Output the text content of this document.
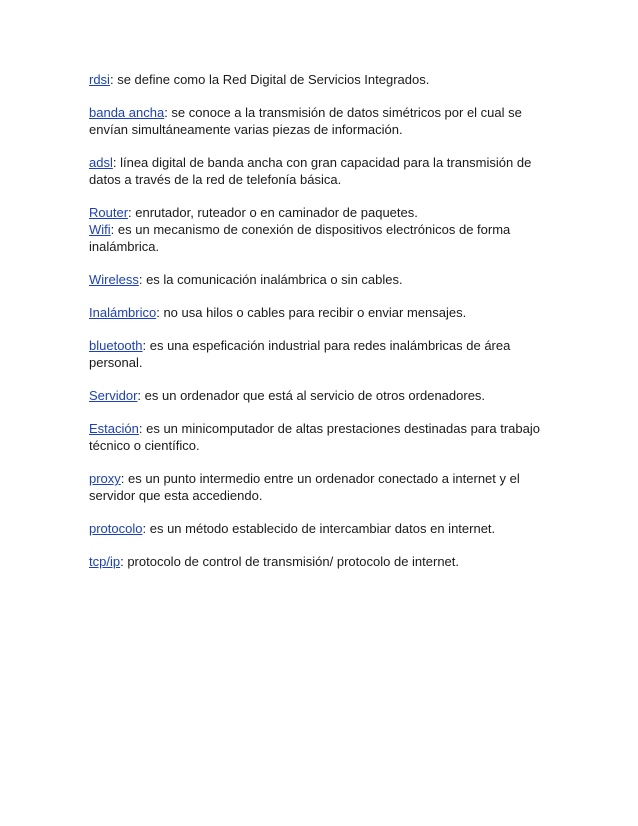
rdsi: se define como la Red Digital de Servicios Integrados.

banda ancha: se conoce a la transmisión de datos simétricos por el cual se envían simultáneamente varias piezas de información.

adsl: línea digital de banda ancha con gran capacidad para la transmisión de datos a través de la red de telefonía básica.

Router: enrutador, ruteador o en caminador de paquetes.

Wifi: es un mecanismo de conexión de dispositivos electrónicos de forma inalámbrica.

Wireless: es la comunicación inalámbrica o sin cables.

Inalámbrico: no usa hilos o cables para recibir o enviar mensajes.

bluetooth: es una espeficación industrial para redes inalámbricas de área personal.

Servidor: es un ordenador que está al servicio de otros ordenadores.

Estación: es un minicomputador de altas prestaciones destinadas para trabajo técnico o científico.

proxy: es un punto intermedio entre un ordenador conectado a internet y el servidor que esta accediendo.

protocolo: es un método establecido de intercambiar datos en internet.

tcp/ip: protocolo de control de transmisión/ protocolo de internet.
